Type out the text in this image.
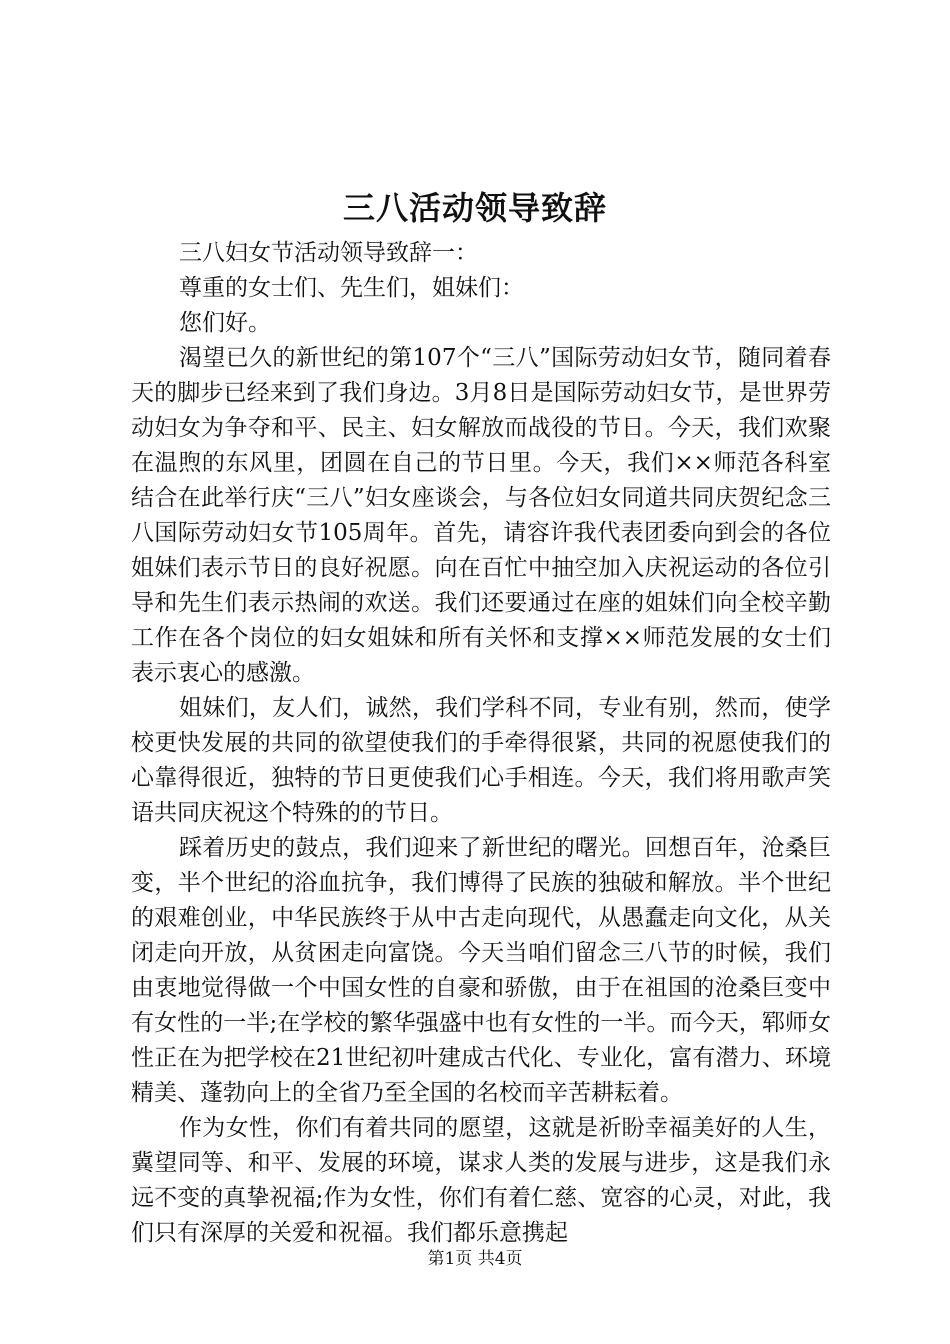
三八活动领导致辞

三八妇女节活动领导致辞一：

尊重的女士们、先生们，姐妹们：

您们好。

渴望已久的新世纪的第107个“三八”国际劳动妇女节，随同着春天的脚步已经来到了我们身边。3月8日是国际劳动妇女节，是世界劳动妇女为争夺和平、民主、妇女解放而战役的节日。今天，我们欢聚在温煦的东风里，团圆在自己的节日里。今天，我们××师范各科室结合在此举行庆“三八”妇女座谈会，与各位妇女同道共同庆贺纪念三八国际劳动妇女节105周年。首先，请容许我代表团委向到会的各位姐妹们表示节日的良好祝愿。向在百忙中抽空加入庆祝运动的各位引导和先生们表示热闹的欢送。我们还要通过在座的姐妹们向全校辛勤工作在各个岗位的妇女姐妹和所有关怀和支撑××师范发展的女士们表示衷心的感激。

姐妹们，友人们，诚然，我们学科不同，专业有别，然而，使学校更快发展的共同的欲望使我们的手牵得很紧，共同的祝愿使我们的心靠得很近，独特的节日更使我们心手相连。今天，我们将用歌声笑语共同庆祝这个特殊的的节日。

踩着历史的鼓点，我们迎来了新世纪的曙光。回想百年，沧桑巨变，半个世纪的浴血抗争，我们博得了民族的独破和解放。半个世纪的艰难创业，中华民族终于从中古走向现代，从愚蠢走向文化，从关闭走向开放，从贫困走向富饶。今天当咱们留念三八节的时候，我们由衷地觉得做一个中国女性的自豪和骄傲，由于在祖国的沧桑巨变中有女性的一半;在学校的繁华强盛中也有女性的一半。而今天，郓师女性正在为把学校在21世纪初叶建成古代化、专业化，富有潜力、环境精美、蓬勃向上的全省乃至全国的名校而辛苦耕耘着。

作为女性，你们有着共同的愿望，这就是祈盼幸福美好的人生，冀望同等、和平、发展的环境，谋求人类的发展与进步，这是我们永远不变的真挚祝福;作为女性，你们有着仁慈、宽容的心灵，对此，我们只有深厚的关爱和祝福。我们都乐意携起

第1页 共4页
